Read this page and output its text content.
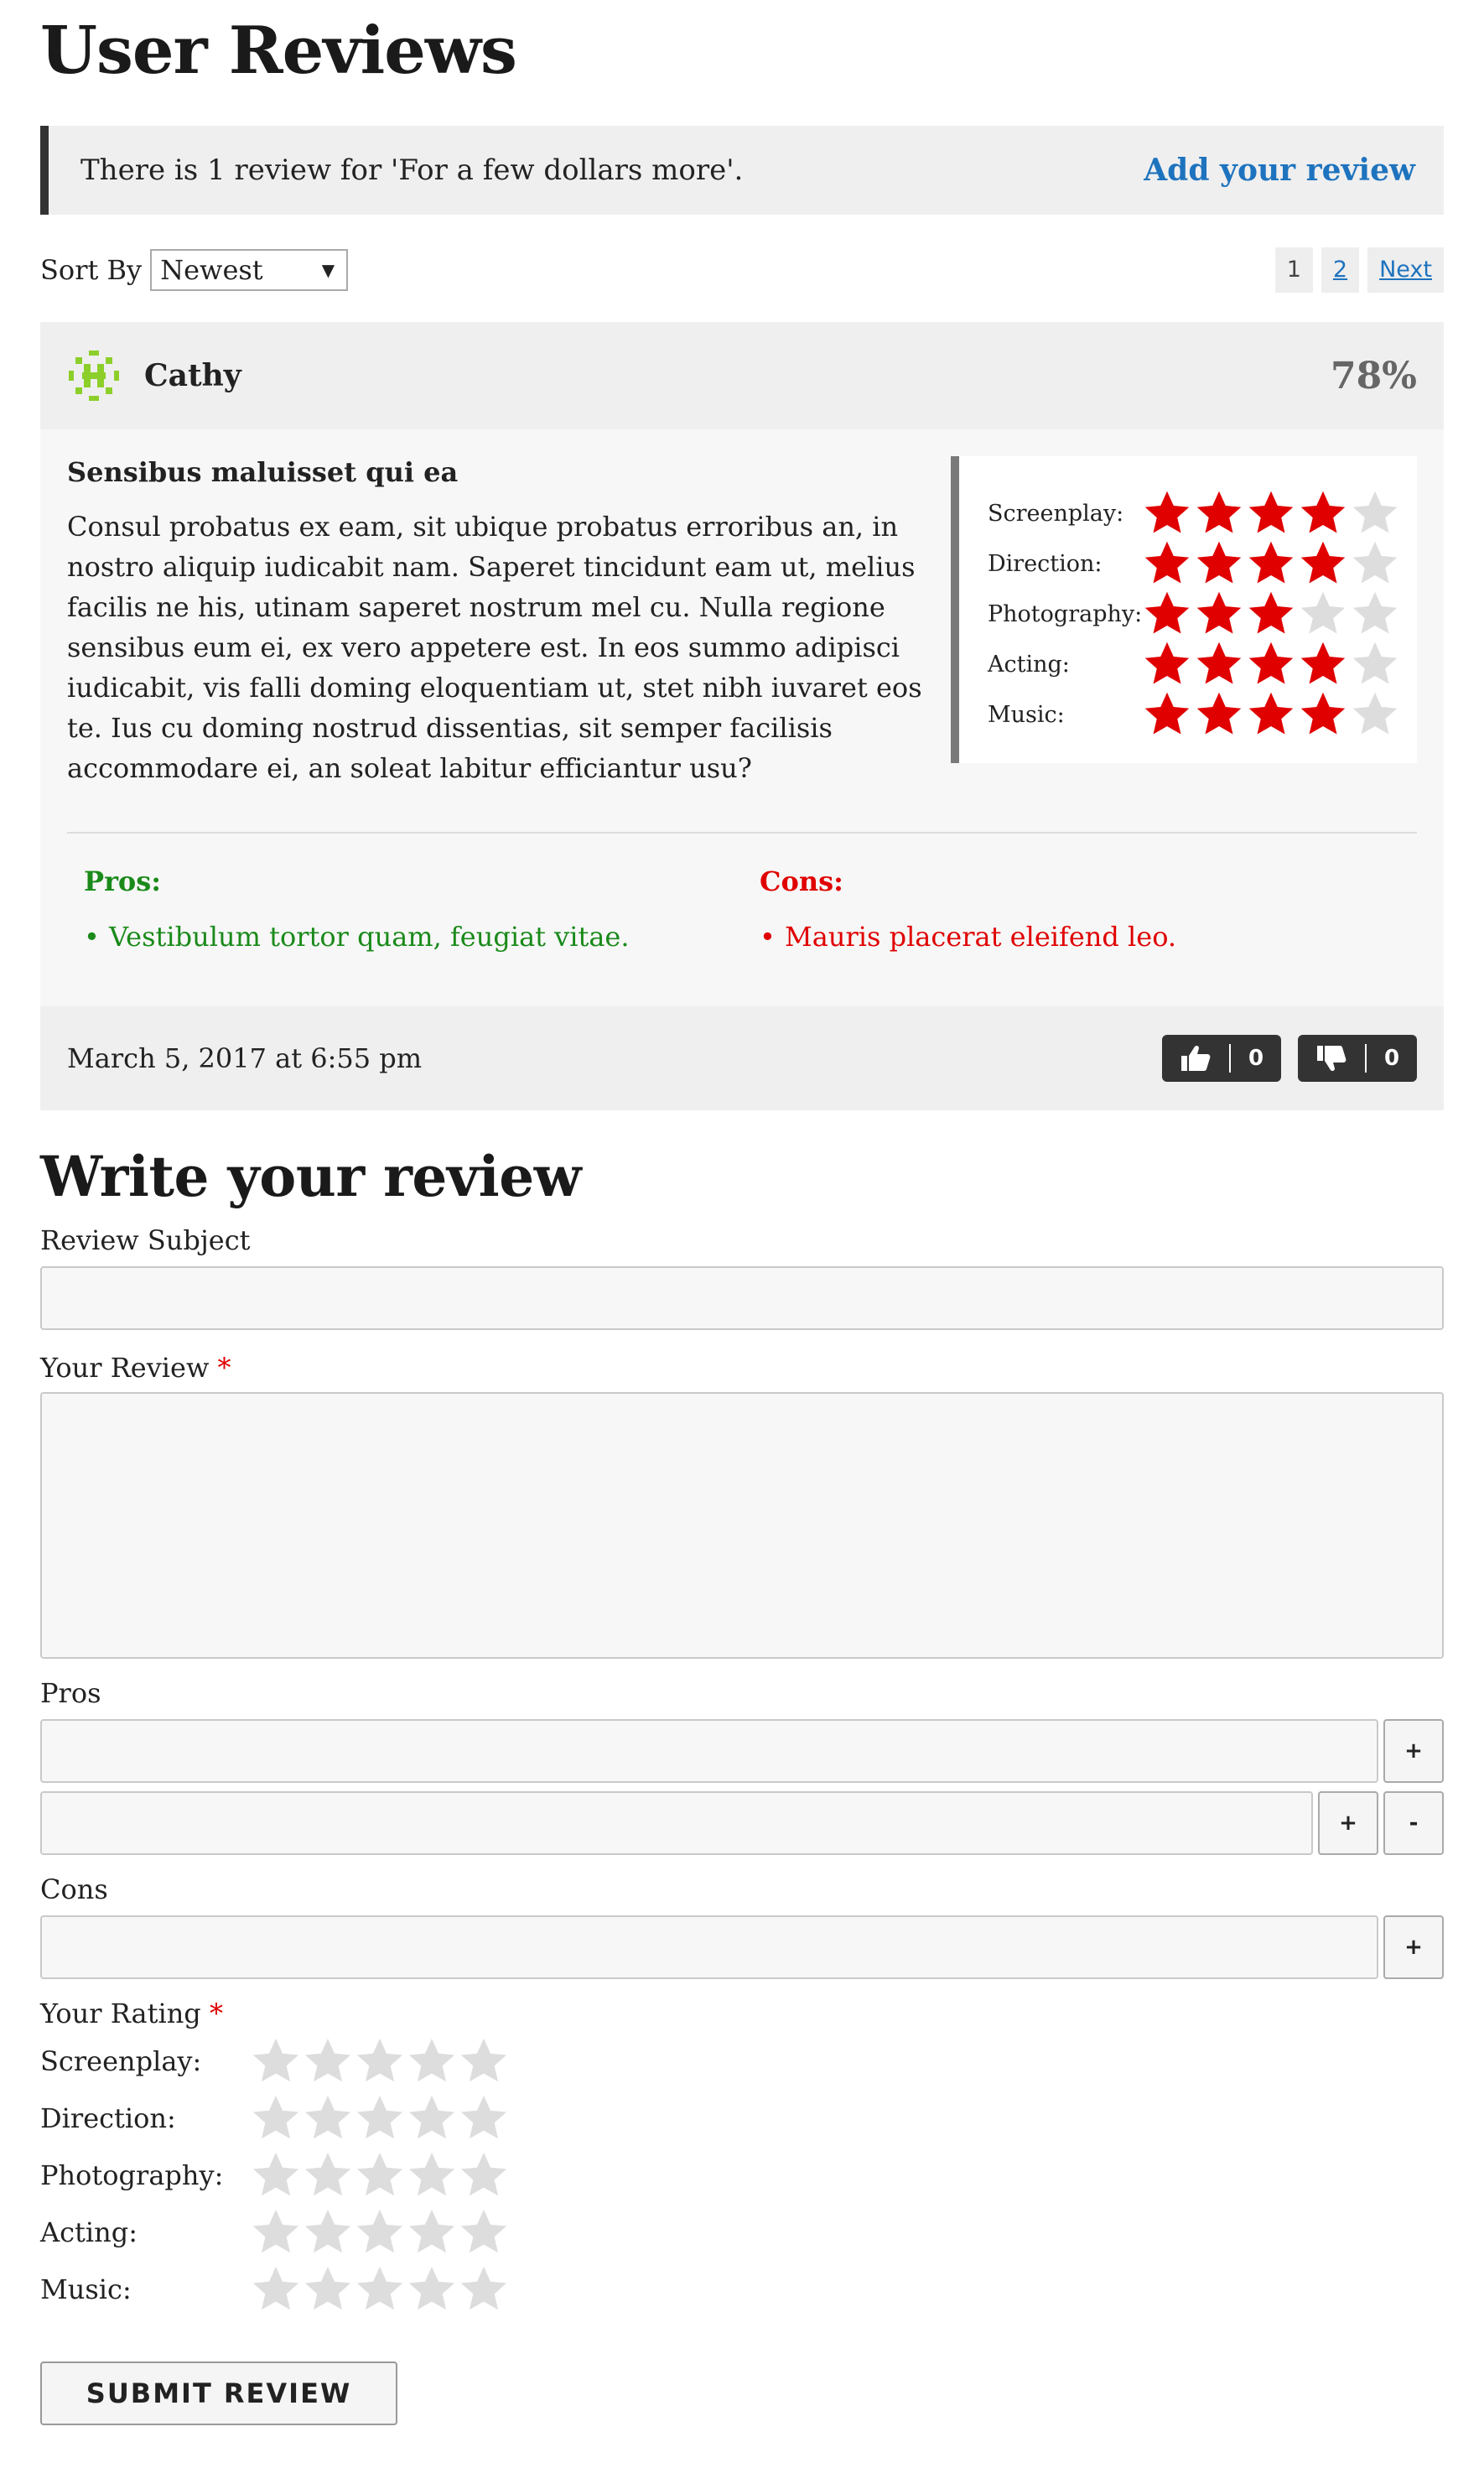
User Reviews
There is 1 review for 'For a few dollars more'.	Add your review
Sort By Newest	▼	1	2	Next
Cathy	78%
Sensibus maluisset qui ea
Consul probatus ex eam, sit ubique probatus erroribus an, in nostro aliquip iudicabit nam. Saperet tincidunt eam ut, melius facilis ne his, utinam saperet nostrum mel cu. Nulla regione sensibus eum ei, ex vero appetere est. In eos summo adipisci iudicabit, vis falli doming eloquentiam ut, stet nibh iuvaret eos te. Ius cu doming nostrud dissentias, sit semper facilisis accommodare ei, an soleat labitur efficiantur usu?
Screenplay:
Direction:
Photography:
Acting:
Music:
Pros:
• Vestibulum tortor quam, feugiat vitae.
Cons:
• Mauris placerat eleifend leo.
March 5, 2017 at 6:55 pm	0	0
Write your review
Review Subject
Your Review *
Pros
+
+	-
Cons
+
Your Rating *
Screenplay:
Direction:
Photography:
Acting:
Music:
SUBMIT REVIEW
